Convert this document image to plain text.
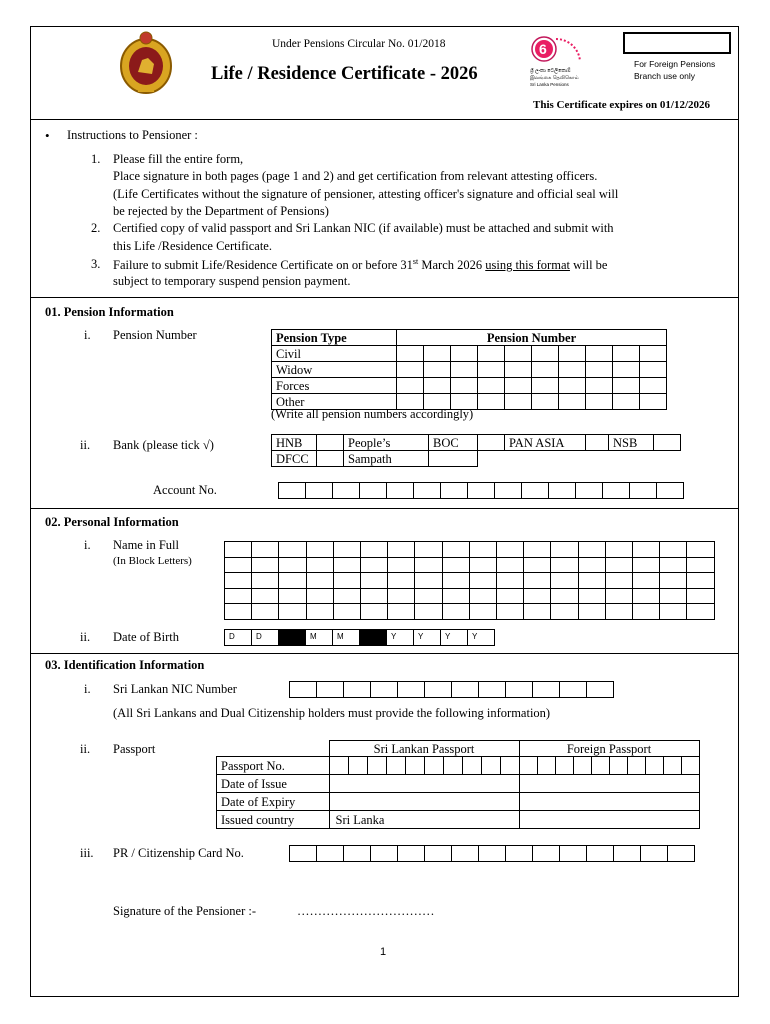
Under Pensions Circular No. 01/2018
Life / Residence Certificate - 2026
6
ශ්‍රී ලංකා ටෙලිකොම්
இலங்கை தெலிகொம்
Sri Lanka Pensions
For Foreign Pensions
Branch use only
This Certificate expires on 01/12/2026
• Instructions to Pensioner :
1. Please fill the entire form,
Place signature in both pages (page 1 and 2) and get certification from relevant attesting officers.
(Life Certificates without the signature of pensioner, attesting officer's signature and official seal will
be rejected by the Department of Pensions)
2. Certified copy of valid passport and Sri Lankan NIC (if available) must be attached and submit with
this Life /Residence Certificate.
3. Failure to submit Life/Residence Certificate on or before 31st March 2026 using this format will be
subject to temporary suspend pension payment.
01. Pension Information
i. Pension Number	Pension Type	Pension Number									
Civil										
Widow										
Forces										
Other										
(Write all pension numbers accordingly)
ii. Bank (please tick √)	HNB		People’s	BOC		PAN ASIA		NSB	
DFCC		Sampath						
Account No.
02. Personal Information
i. Name in Full
(In Block Letters)
ii. Date of Birth	D	D	M	M	Y	Y	Y	Y
03. Identification Information
i. Sri Lankan NIC Number
(All Sri Lankans and Dual Citizenship holders must provide the following information)
ii. Passport
		Sri Lankan Passport										Foreign Passport									
Passport No.																				
Date of Issue																				
Date of Expiry																				
Issued country	Sri Lanka																			
iii. PR / Citizenship Card No.
Signature of the Pensioner :-	……………………………
1
